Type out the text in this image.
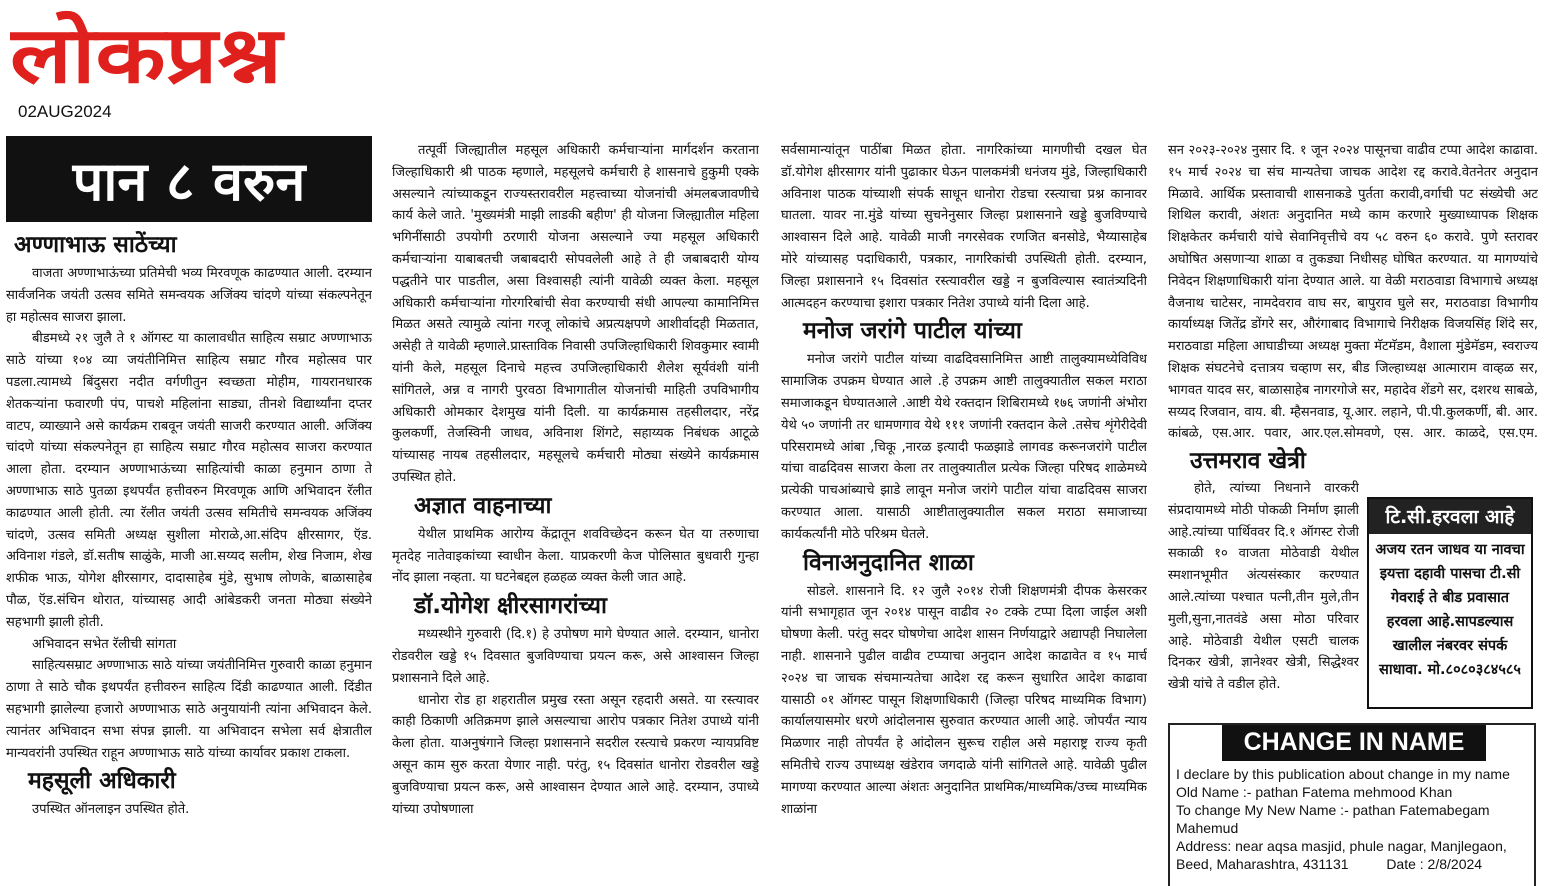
लोकप्रश्न
02AUG2024
पान ८ वरुन
अण्णाभाऊ साठेंच्या

वाजता अण्णाभाऊंच्या प्रतिमेची भव्य मिरवणूक काढण्यात आली. दरम्यान सार्वजनिक जयंती उत्सव समिते समन्वयक अजिंक्य चांदणे यांच्या संकल्पनेतून हा महोत्सव साजरा झाला.

बीडमध्ये २१ जुलै ते १ ऑगस्ट या कालावधीत साहित्य सम्राट अण्णाभाऊ साठे यांच्या १०४ व्या जयंतीनिमित्त साहित्य सम्राट गौरव महोत्सव पार पडला.त्यामध्ये बिंदुसरा नदीत वर्गणीतुन स्वच्छता मोहीम, गायरानधारक शेतकऱ्यांना फवारणी पंप, पाचशे महिलांना साड्या, तीनशे विद्यार्थ्यांना दप्तर वाटप, व्याख्याने असे कार्यक्रम राबवून जयंती साजरी करण्यात आली. अजिंक्य चांदणे यांच्या संकल्पनेतून हा साहित्य सम्राट गौरव महोत्सव साजरा करण्यात आला होता. दरम्यान अण्णाभाऊंच्या साहित्यांची काळा हनुमान ठाणा ते अण्णाभाऊ साठे पुतळा इथपर्यंत हत्तीवरुन मिरवणूक आणि अभिवादन रॅलीत काढण्यात आली होती. त्या रॅलीत जयंती उत्सव समितीचे समन्वयक अजिंक्य चांदणे, उत्सव समिती अध्यक्ष सुशीला मोराळे,आ.संदिप क्षीरसागर, ऍड. अविनाश गंडले, डॉ.सतीष साळुंके, माजी आ.सय्यद सलीम, शेख निजाम, शेख शफीक भाऊ, योगेश क्षीरसागर, दादासाहेब मुंडे, सुभाष लोणके, बाळासाहेब पौळ, ऍड.संचिन थोरात, यांच्यासह आदी आंबेडकरी जनता मोठ्या संख्येने सहभागी झाली होती.

अभिवादन सभेत रॅलीची सांगता

साहित्यसम्राट अण्णाभाऊ साठे यांच्या जयंतीनिमित्त गुरुवारी काळा हनुमान ठाणा ते साठे चौक इथपर्यंत हत्तीवरुन साहित्य दिंडी काढण्यात आली. दिंडीत सहभागी झालेल्या हजारो अण्णाभाऊ साठे अनुयायांनी त्यांना अभिवादन केले. त्यानंतर अभिवादन सभा संपन्न झाली. या अभिवादन सभेला सर्व क्षेत्रातील मान्यवरांनी उपस्थित राहून अण्णाभाऊ साठे यांच्या कार्यावर प्रकाश टाकला.

महसूली अधिकारी

उपस्थित ऑनलाइन उपस्थित होते.

तत्पूर्वी जिल्ह्यातील महसूल अधिकारी कर्मचाऱ्यांना मार्गदर्शन करताना जिल्हाधिकारी श्री पाठक म्हणाले, महसूलचे कर्मचारी हे शासनाचे हुकुमी एक्के असल्याने त्यांच्याकडून राज्यस्तरावरील महत्त्वाच्या योजनांची अंमलबजावणीचे कार्य केले जाते. 'मुख्यमंत्री माझी लाडकी बहीण' ही योजना जिल्ह्यातील महिला भगिनींसाठी उपयोगी ठरणारी योजना असल्याने ज्या महसूल अधिकारी कर्मचाऱ्यांना याबाबतची जबाबदारी सोपवलेली आहे ते ही जबाबदारी योग्य पद्धतीने पार पाडतील, असा विश्वासही त्यांनी यावेळी व्यक्त केला. महसूल अधिकारी कर्मचाऱ्यांना गोरगरिबांची सेवा करण्याची संधी आपल्या कामानिमित्त मिळत असते त्यामुळे त्यांना गरजू लोकांचे अप्रत्यक्षपणे आशीर्वादही मिळतात, असेही ते यावेळी म्हणाले.प्रास्ताविक निवासी उपजिल्हाधिकारी शिवकुमार स्वामी यांनी केले, महसूल दिनाचे महत्त्व उपजिल्हाधिकारी शैलेश सूर्यवंशी यांनी सांगितले, अन्न व नागरी पुरवठा विभागातील योजनांची माहिती उपविभागीय अधिकारी ओमकार देशमुख यांनी दिली. या कार्यक्रमास तहसीलदार, नरेंद्र कुलकर्णी, तेजस्विनी जाधव, अविनाश शिंगटे, सहाय्यक निबंधक आटूळे यांच्यासह नायब तहसीलदार, महसूलचे कर्मचारी मोठ्या संख्येने कार्यक्रमास उपस्थित होते.

अज्ञात वाहनाच्या

येथील प्राथमिक आरोग्य केंद्रातून शवविच्छेदन करून घेत या तरुणाचा मृतदेह नातेवाइकांच्या स्वाधीन केला. याप्रकरणी केज पोलिसात बुधवारी गुन्हा नोंद झाला नव्हता. या घटनेबद्दल हळहळ व्यक्त केली जात आहे.

डॉ.योगेश क्षीरसागरांच्या

मध्यस्थीने गुरुवारी (दि.१) हे उपोषण मागे घेण्यात आले. दरम्यान, धानोरा रोडवरील खड्डे १५ दिवसात बुजविण्याचा प्रयत्न करू, असे आश्वासन जिल्हा प्रशासनाने दिले आहे.

धानोरा रोड हा शहरातील प्रमुख रस्ता असून रहदारी असते. या रस्त्यावर काही ठिकाणी अतिक्रमण झाले असल्याचा आरोप पत्रकार नितेश उपाध्ये यांनी केला होता. याअनुषंगाने जिल्हा प्रशासनाने सदरील रस्त्याचे प्रकरण न्यायप्रविष्ट असून काम सुरु करता येणार नाही. परंतु, १५ दिवसांत धानोरा रोडवरील खड्डे बुजविण्याचा प्रयत्न करू, असे आश्वासन देण्यात आले आहे. दरम्यान, उपाध्ये यांच्या उपोषणाला

सर्वसामान्यांतून पाठींबा मिळत होता. नागरिकांच्या मागणीची दखल घेत डॉ.योगेश क्षीरसागर यांनी पुढाकार घेऊन पालकमंत्री धनंजय मुंडे, जिल्हाधिकारी अविनाश पाठक यांच्याशी संपर्क साधून धानोरा रोडचा रस्त्याचा प्रश्न कानावर घातला. यावर ना.मुंडे यांच्या सुचनेनुसार जिल्हा प्रशासनाने खड्डे बुजविण्याचे आश्वासन दिले आहे. यावेळी माजी नगरसेवक रणजित बनसोडे, भैय्यासाहेब मोरे यांच्यासह पदाधिकारी, पत्रकार, नागरिकांची उपस्थिती होती. दरम्यान, जिल्हा प्रशासनाने १५ दिवसांत रस्त्यावरील खड्डे न बुजविल्यास स्वातंत्र्यदिनी आत्मदहन करण्याचा इशारा पत्रकार नितेश उपाध्ये यांनी दिला आहे.

मनोज जरांगे पाटील यांच्या

मनोज जरांगे पाटील यांच्या वाढदिवसानिमित्त आष्टी तालुक्यामध्येविविध सामाजिक उपक्रम घेण्यात आले .हे उपक्रम आष्टी तालुक्यातील सकल मराठा समाजाकडून घेण्यातआले .आष्टी येथे रक्तदान शिबिरामध्ये १७६ जणांनी अंभोरा येथे ५० जणांनी तर धामणगाव येथे १११ जणांनी रक्तदान केले .तसेच शृंगेरीदेवी परिसरामध्ये आंबा ,चिकू ,नारळ इत्यादी फळझाडे लागवड करूनजरांगे पाटील यांचा वाढदिवस साजरा केला तर तालुक्यातील प्रत्येक जिल्हा परिषद शाळेमध्ये प्रत्येकी पाचआंब्याचे झाडे लावून मनोज जरांगे पाटील यांचा वाढदिवस साजरा करण्यात आला. यासाठी आष्टीतालुक्यातील सकल मराठा समाजाच्या कार्यकर्त्यांनी मोठे परिश्रम घेतले.

विनाअनुदानित शाळा

सोडले. शासनाने दि. १२ जुलै २०१४ रोजी शिक्षणमंत्री दीपक केसरकर यांनी सभागृहात जून २०१४ पासून वाढीव २० टक्के टप्पा दिला जाईल अशी घोषणा केली. परंतु सदर घोषणेचा आदेश शासन निर्णयाद्वारे अद्यापही निघालेला नाही. शासनाने पुढील वाढीव टप्प्याचा अनुदान आदेश काढावेत व १५ मार्च २०२४ चा जाचक संचमान्यतेचा आदेश रद्द करून सुधारित आदेश काढावा यासाठी ०१ ऑगस्ट पासून शिक्षणाधिकारी (जिल्हा परिषद माध्यमिक विभाग) कार्यालयासमोर धरणे आंदोलनास सुरुवात करण्यात आली आहे. जोपर्यंत न्याय मिळणार नाही तोपर्यंत हे आंदोलन सुरूच राहील असे महाराष्ट्र राज्य कृती समितीचे राज्य उपाध्यक्ष खंडेराव जगदाळे यांनी सांगितले आहे. यावेळी पुढील मागण्या करण्यात आल्या अंशतः अनुदानित प्राथमिक/माध्यमिक/उच्च माध्यमिक शाळांना

सन २०२३-२०२४ नुसार दि. १ जून २०२४ पासूनचा वाढीव टप्पा आदेश काढावा. १५ मार्च २०२४ चा संच मान्यतेचा जाचक आदेश रद्द करावे.वेतनेतर अनुदान मिळावे. आर्थिक प्रस्तावाची शासनाकडे पुर्तता करावी,वर्गाची पट संख्येची अट शिथिल करावी, अंशतः अनुदानित मध्ये काम करणारे मुख्याध्यापक शिक्षक शिक्षकेतर कर्मचारी यांचे सेवानिवृत्तीचे वय ५८ वरुन ६० करावे. पुणे स्तरावर अघोषित असणाऱ्या शाळा व तुकड्या निधीसह घोषित करण्यात. या मागण्यांचे निवेदन शिक्षणाधिकारी यांना देण्यात आले. या वेळी मराठवाडा विभागाचे अध्यक्ष वैजनाथ चाटेसर, नामदेवराव वाघ सर, बापुराव घुले सर, मराठवाडा विभागीय कार्याध्यक्ष जितेंद्र डोंगरे सर, औरंगाबाद विभागाचे निरीक्षक विजयसिंह शिंदे सर, मराठवाडा महिला आघाडीच्या अध्यक्ष मुक्ता मॅटमॅडम, वैशाला मुंडेमॅडम, स्वराज्य शिक्षक संघटनेचे दत्तात्रय चव्हाण सर, बीड जिल्हाध्यक्ष आत्माराम वाव्हळ सर, भागवत यादव सर, बाळासाहेब नागरगोजे सर, महादेव शेंडगे सर, दशरथ साबळे, सय्यद रिजवान, वाय. बी. म्हैसनवाड, यू.आर. लहाने, पी.पी.कुलकर्णी, बी. आर. कांबळे, एस.आर. पवार, आर.एल.सोमवणे, एस. आर. काळदे, एस.एम.

उत्तमराव खेत्री

होते, त्यांच्या निधनाने वारकरी संप्रदायामध्ये मोठी पोकळी निर्माण झाली आहे.त्यांच्या पार्थिववर दि.१ ऑगस्ट रोजी सकाळी १० वाजता मोठेवाडी येथील स्मशानभूमीत अंत्यसंस्कार करण्यात आले.त्यांच्या पश्चात पत्नी,तीन मुले,तीन मुली,सुना,नातवंडे असा मोठा परिवार आहे. मोठेवाडी येथील एसटी चालक दिनकर खेत्री, ज्ञानेश्वर खेत्री, सिद्धेश्वर खेत्री यांचे ते वडील होते.

टि.सी.हरवला आहे
अजय रतन जाधव या नावचा इयत्ता दहावी पासचा टी.सी गेवराई ते बीड प्रवासात हरवला आहे.सापडल्यास खालील नंबरवर संपर्क साधावा. मो.८०८०३८४५८५
CHANGE IN NAME
I declare by this publication about change in my name
Old Name :- pathan Fatema mehmood Khan
To change My New Name :- pathan Fatemabegam
Mahemud
Address: near aqsa masjid, phule nagar, Manjlegaon,
Beed, Maharashtra, 431131	Date : 2/8/2024
